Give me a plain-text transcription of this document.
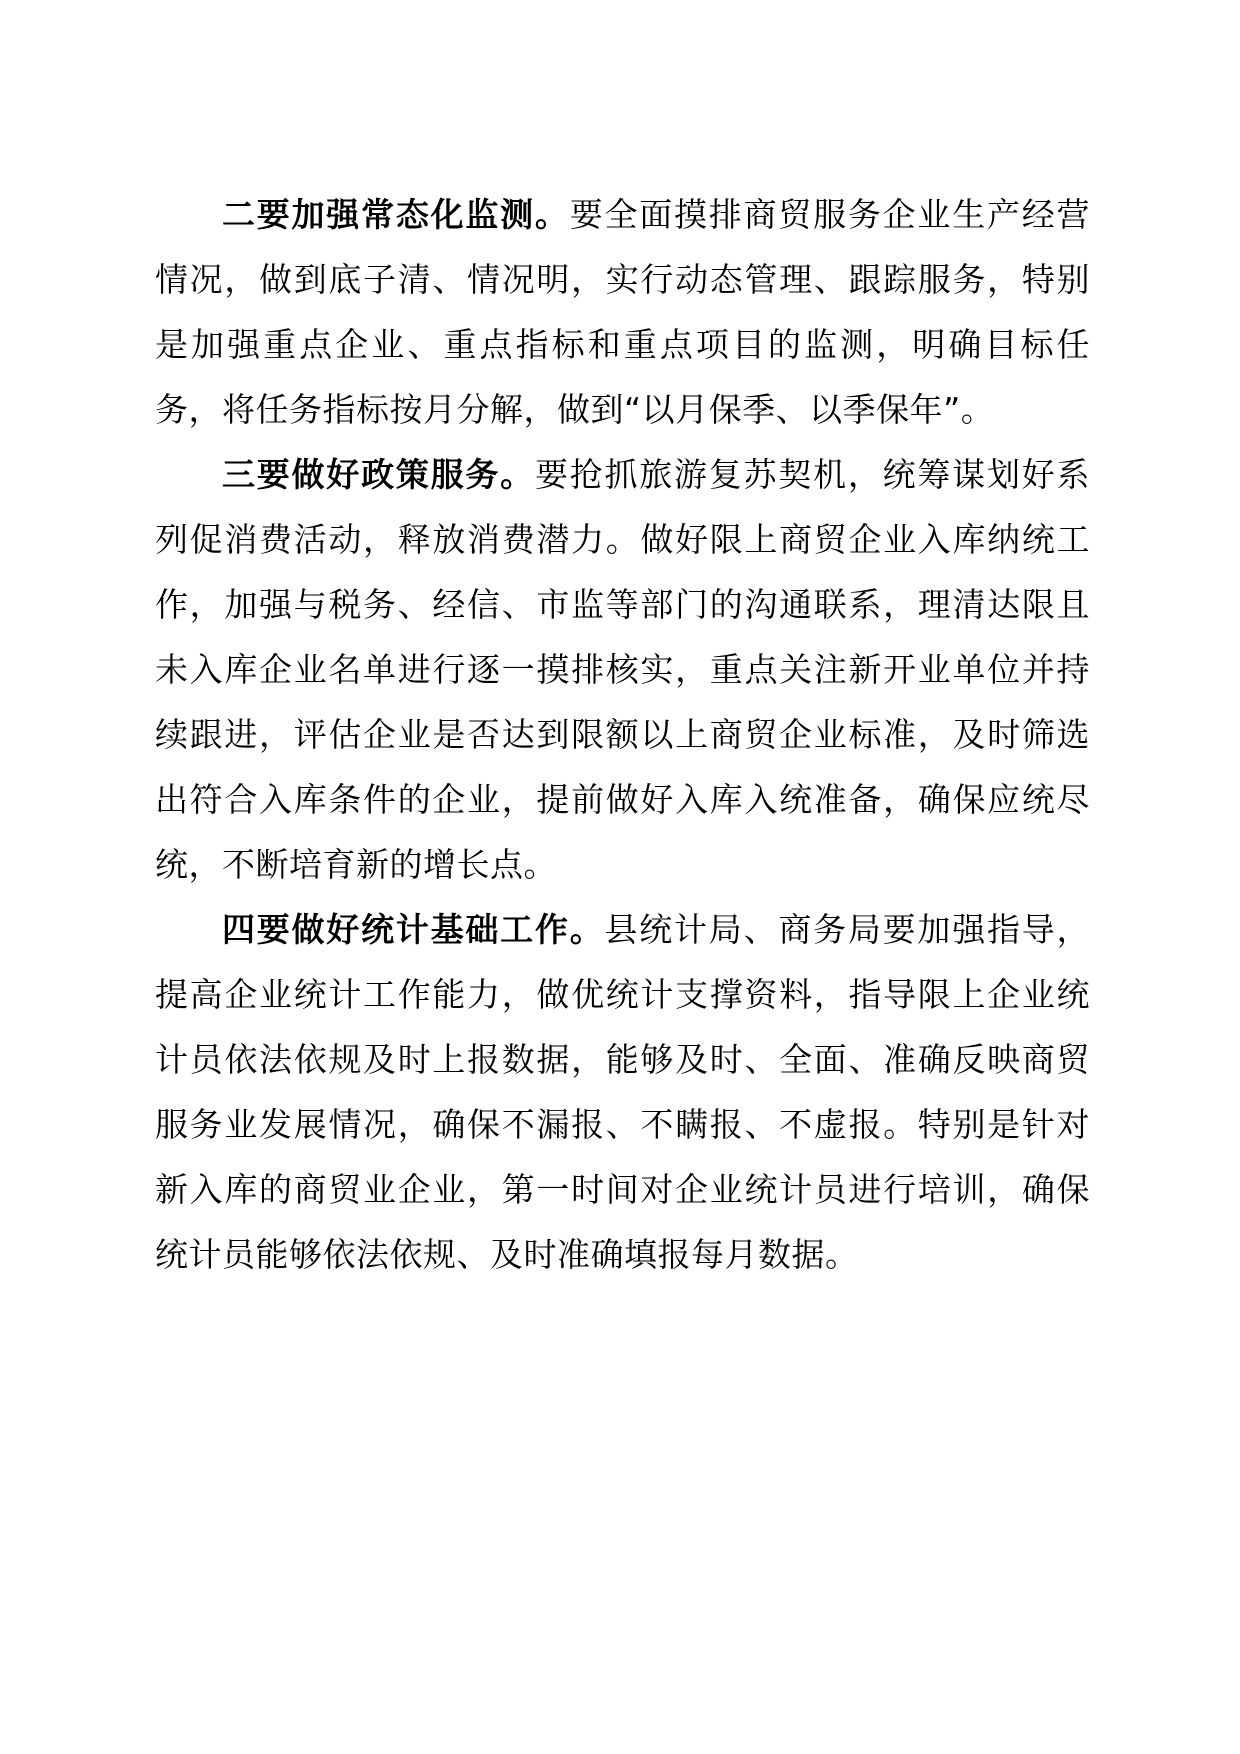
二要加强常态化监测。要全面摸排商贸服务企业生产经营情况，做到底子清、情况明，实行动态管理、跟踪服务，特别是加强重点企业、重点指标和重点项目的监测，明确目标任务，将任务指标按月分解，做到“以月保季、以季保年”。

三要做好政策服务。要抢抓旅游复苏契机，统筹谋划好系列促消费活动，释放消费潜力。做好限上商贸企业入库纳统工作，加强与税务、经信、市监等部门的沟通联系，理清达限且未入库企业名单进行逐一摸排核实，重点关注新开业单位并持续跟进，评估企业是否达到限额以上商贸企业标准，及时筛选出符合入库条件的企业，提前做好入库入统准备，确保应统尽统，不断培育新的增长点。

四要做好统计基础工作。县统计局、商务局要加强指导，提高企业统计工作能力，做优统计支撑资料，指导限上企业统计员依法依规及时上报数据，能够及时、全面、准确反映商贸服务业发展情况，确保不漏报、不瞒报、不虚报。特别是针对新入库的商贸业企业，第一时间对企业统计员进行培训，确保统计员能够依法依规、及时准确填报每月数据。
